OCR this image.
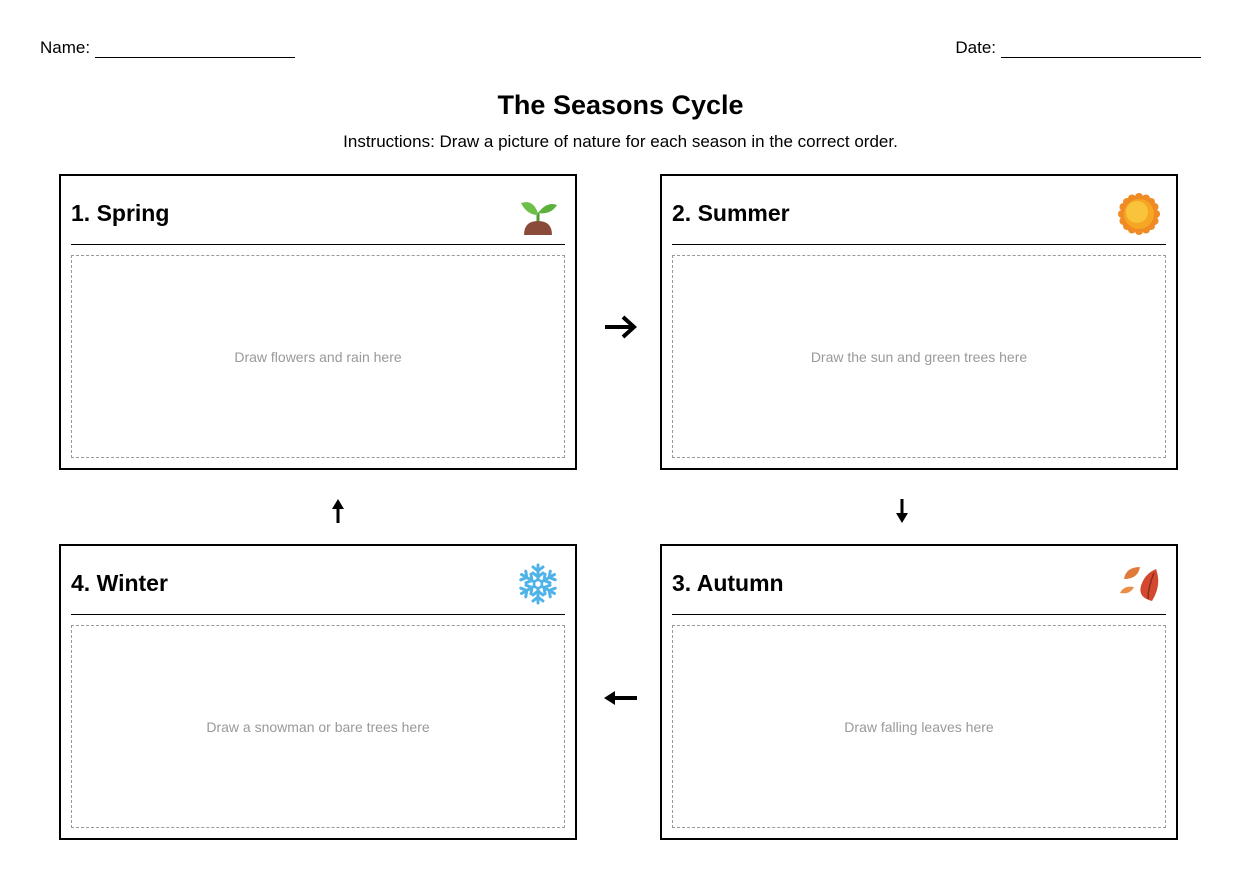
Name:	Date:
The Seasons Cycle
Instructions: Draw a picture of nature for each season in the correct order.
1. Spring
Draw flowers and rain here
2. Summer
Draw the sun and green trees here
4. Winter
Draw a snowman or bare trees here
3. Autumn
Draw falling leaves here
